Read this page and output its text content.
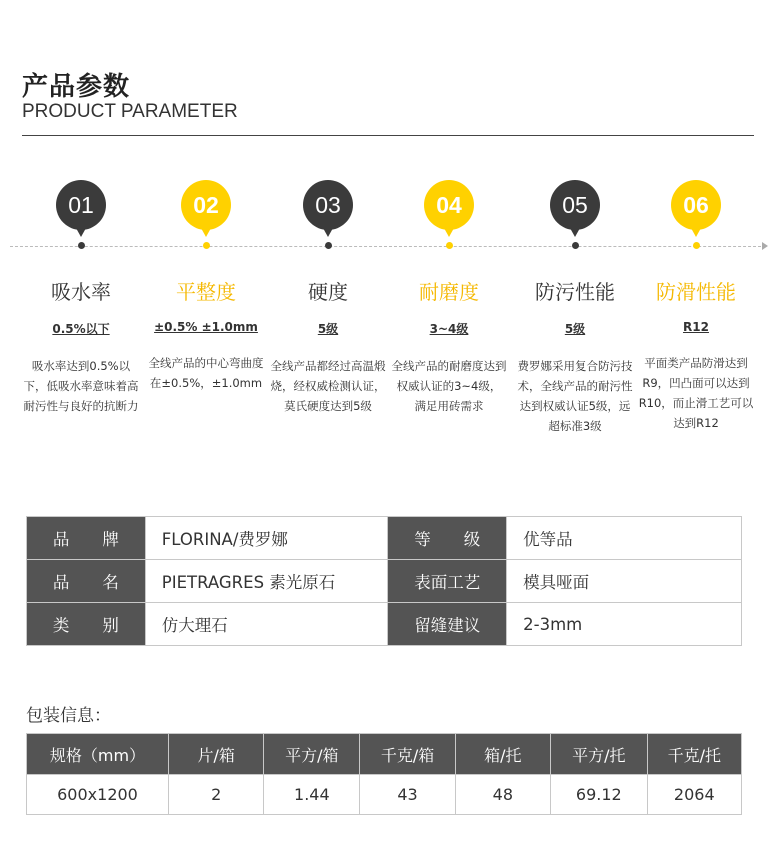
产品参数
PRODUCT PARAMETER
01
吸水率
0.5%以下
吸水率达到0.5%以下，低吸水率意味着高耐污性与良好的抗断力
02
平整度
±0.5% ±1.0mm
全线产品的中心弯曲度在±0.5%，±1.0mm
03
硬度
5级
全线产品都经过高温煅烧，经权威检测认证，莫氏硬度达到5级
04
耐磨度
3~4级
全线产品的耐磨度达到权威认证的3~4级，满足用砖需求
05
防污性能
5级
费罗娜采用复合防污技术，全线产品的耐污性达到权威认证5级，远超标准3级
06
防滑性能
R12
平面类产品防滑达到R9，凹凸面可以达到R10，而止滑工艺可以达到R12
品　　牌	FLORINA/费罗娜	等　　级	优等品
品　　名	PIETRAGRES 素光原石	表面工艺	模具哑面
类　　别	仿大理石	留缝建议	2-3mm
包装信息：
规格（mm）	片/箱	平方/箱	千克/箱	箱/托	平方/托	千克/托
600x1200	2	1.44	43	48	69.12	2064
